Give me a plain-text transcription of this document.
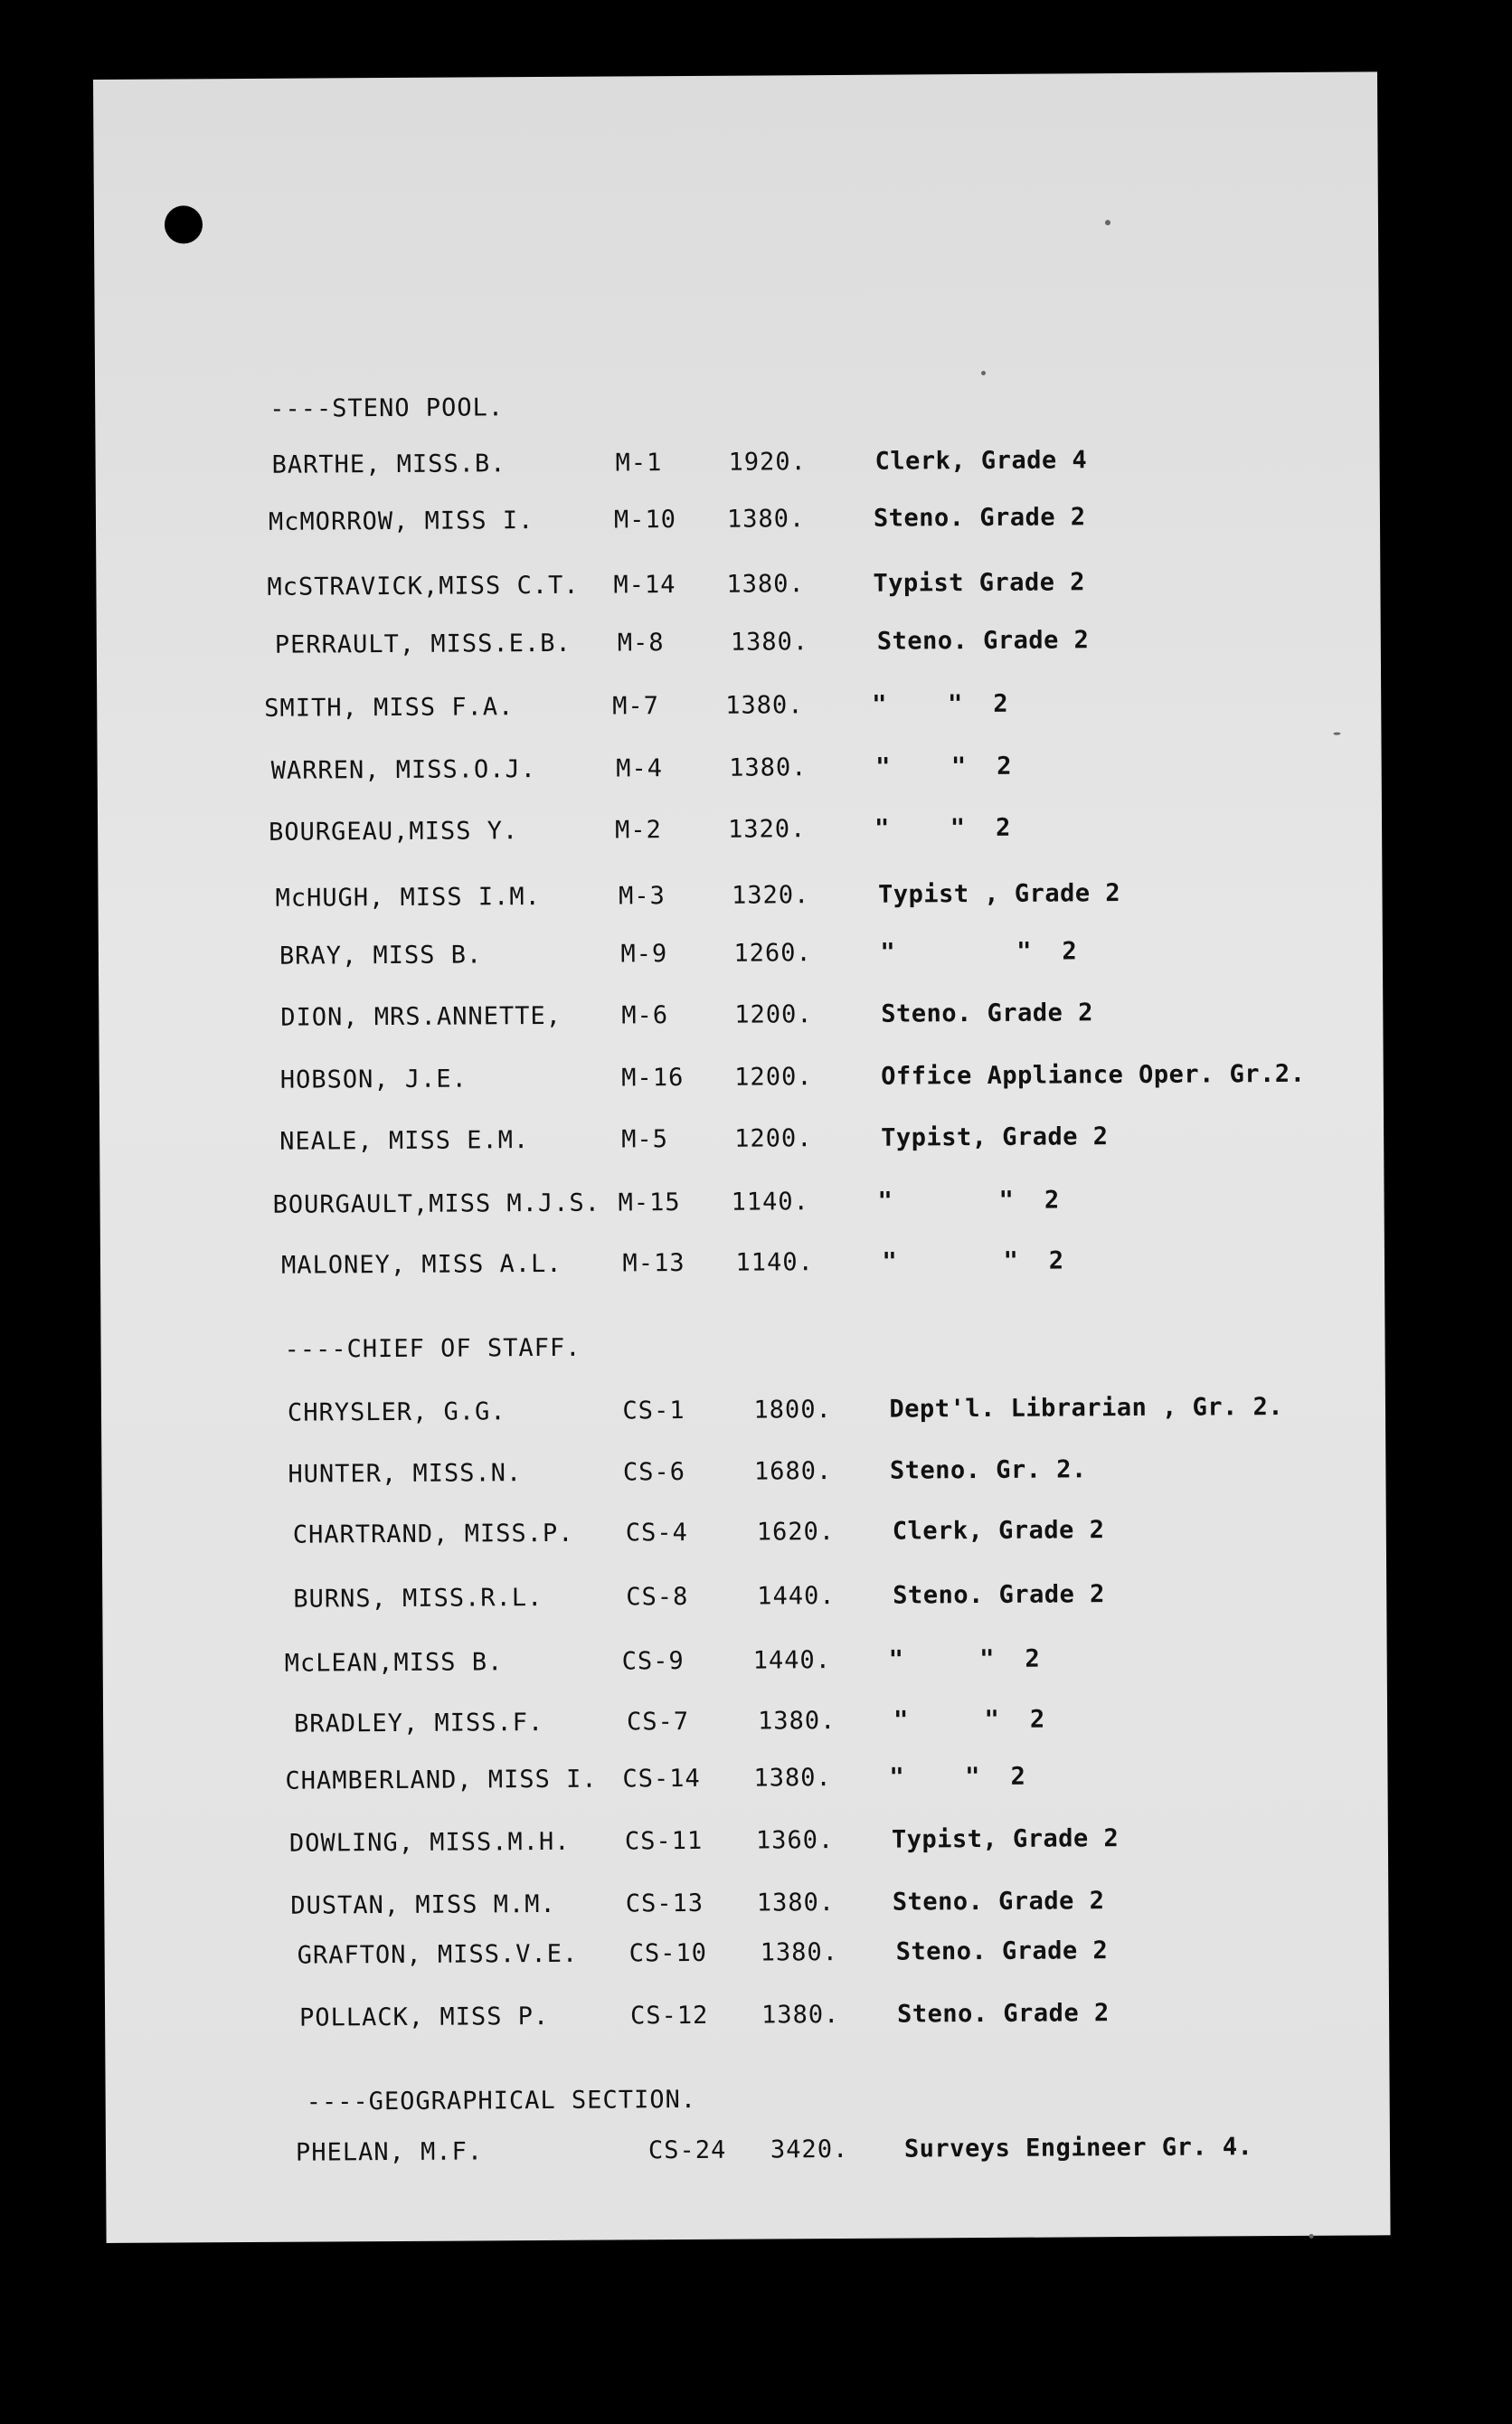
----STENO POOL.
BARTHE, MISS.B.	M-1	1920.	Clerk, Grade 4
McMORROW, MISS I.	M-10 1380.	Steno. Grade 2
McSTRAVICK,MISS C.T. M-14 1380.	Typist Grade 2
PERRAULT, MISS.E.B. M-8	1380.	Steno. Grade 2
SMITH, MISS F.A.	M-7	1380.	"    "  2
WARREN, MISS.O.J.	M-4	1380.	"    "  2
BOURGEAU,MISS Y.	M-2	1320.	"    "  2
McHUGH, MISS I.M.	M-3	1320.	Typist , Grade 2
BRAY, MISS B.	M-9	1260.	"        "  2
DION, MRS.ANNETTE, M-6	1200.	Steno. Grade 2
HOBSON, J.E.	M-16 1200.	Office Appliance Oper. Gr.2.
NEALE, MISS E.M.	M-5	1200.	Typist, Grade 2
BOURGAULT,MISS M.J.S. M-15 1140.	"       "  2
MALONEY, MISS A.L. M-13 1140.	"       "  2
----CHIEF OF STAFF.
CHRYSLER, G.G.	CS-1	1800. Dept'l. Librarian , Gr. 2.
HUNTER, MISS.N.	CS-6	1680. Steno. Gr. 2.
CHARTRAND, MISS.P. CS-4	1620. Clerk, Grade 2
BURNS, MISS.R.L.	CS-8	1440. Steno. Grade 2
McLEAN,MISS B.	CS-9	1440. "     "  2
BRADLEY, MISS.F.	CS-7	1380. "     "  2
CHAMBERLAND, MISS I. CS-14 1380. "    "  2
DOWLING, MISS.M.H. CS-11 1360. Typist, Grade 2
DUSTAN, MISS M.M.	CS-13 1380. Steno. Grade 2
GRAFTON, MISS.V.E. CS-10 1380. Steno. Grade 2
POLLACK, MISS P.	CS-12 1380. Steno. Grade 2
----GEOGRAPHICAL SECTION.
PHELAN, M.F.	CS-24 3420. Surveys Engineer Gr. 4.
